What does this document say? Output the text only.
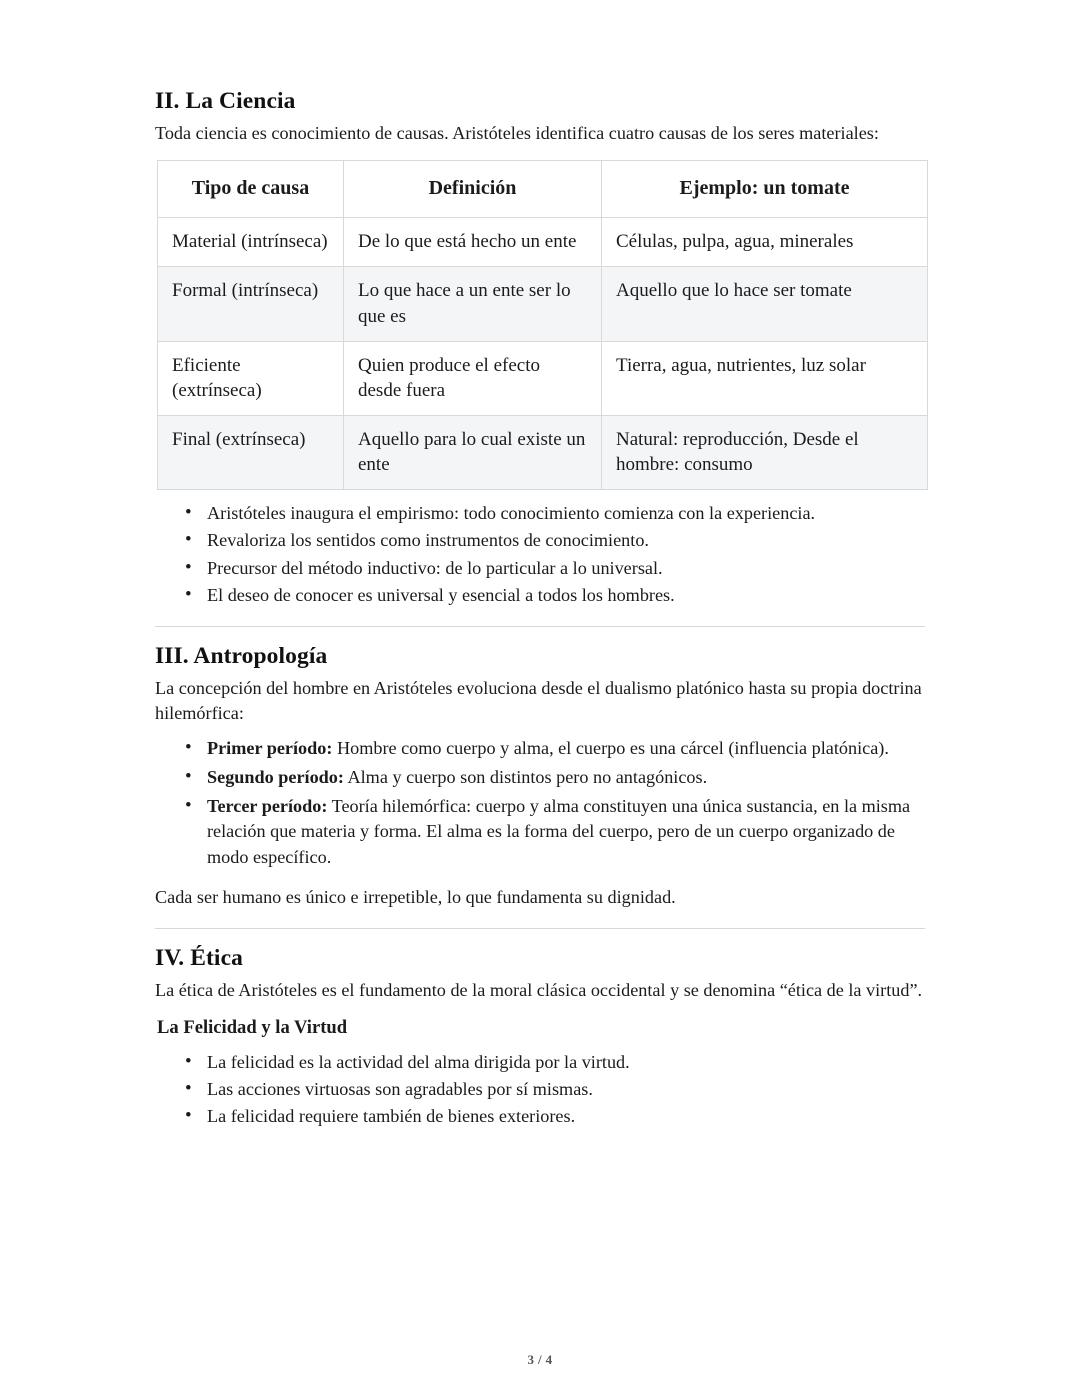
II. La Ciencia

Toda ciencia es conocimiento de causas. Aristóteles identifica cuatro causas de los seres materiales:

Tipo de causa	Definición	Ejemplo: un tomate
Material (intrínseca)	De lo que está hecho un ente	Células, pulpa, agua, minerales
Formal (intrínseca)	Lo que hace a un ente ser lo que es	Aquello que lo hace ser tomate
Eficiente (extrínseca)	Quien produce el efecto desde fuera	Tierra, agua, nutrientes, luz solar
Final (extrínseca)	Aquello para lo cual existe un ente	Natural: reproducción, Desde el hombre: consumo
• Aristóteles inaugura el empirismo: todo conocimiento comienza con la experiencia.
• Revaloriza los sentidos como instrumentos de conocimiento.
• Precursor del método inductivo: de lo particular a lo universal.
• El deseo de conocer es universal y esencial a todos los hombres.
III. Antropología

La concepción del hombre en Aristóteles evoluciona desde el dualismo platónico hasta su propia doctrina hilemórfica:

• Primer período: Hombre como cuerpo y alma, el cuerpo es una cárcel (influencia platónica).
• Segundo período: Alma y cuerpo son distintos pero no antagónicos.
• Tercer período: Teoría hilemórfica: cuerpo y alma constituyen una única sustancia, en la misma relación que materia y forma. El alma es la forma del cuerpo, pero de un cuerpo organizado de modo específico.

Cada ser humano es único e irrepetible, lo que fundamenta su dignidad.

IV. Ética

La ética de Aristóteles es el fundamento de la moral clásica occidental y se denomina “ética de la virtud”.

La Felicidad y la Virtud
• La felicidad es la actividad del alma dirigida por la virtud.
• Las acciones virtuosas son agradables por sí mismas.
• La felicidad requiere también de bienes exteriores.
3 / 4
